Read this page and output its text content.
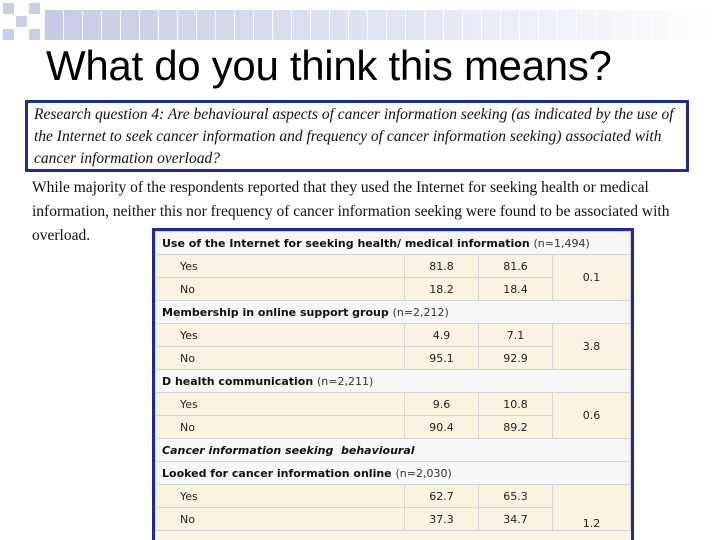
What do you think this means?
Research question 4: Are behavioural aspects of cancer information seeking (as indicated by the use of the Internet to seek cancer information and frequency of cancer information seeking) associated with cancer information overload?
While majority of the respondents reported that they used the Internet for seeking health or medical information, neither this nor frequency of cancer information seeking were found to be associated with overload.	Use of the Internet for seeking health/ medical information (n=1,494)			
Yes	81.8	81.6	0.1
No	18.2	18.4	
Membership in online support group (n=2,212)			
Yes	4.9	7.1	3.8
No	95.1	92.9	
D health communication (n=2,211)			
Yes	9.6	10.8	0.6
No	90.4	89.2	
Cancer information seeking  behavioural			
Looked for cancer information online (n=2,030)			
Yes	62.7	65.3	1.2
No	37.3	34.7	
